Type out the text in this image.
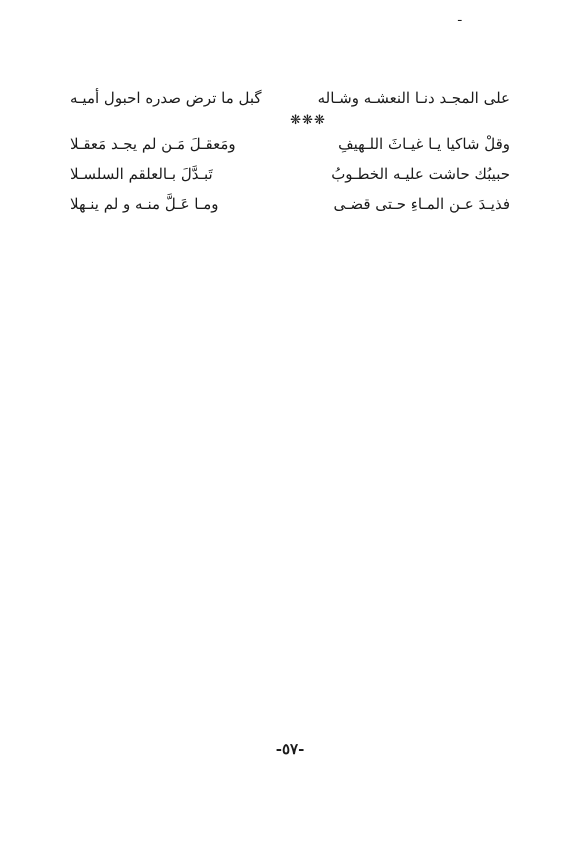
ـ
على المجـد دنـا النعشـه وشـاله
گبل ما ترض صدره احبول أميـه
❋❋❋
وقلْ شاكيا يـا غيـاثَ اللـهيفِ
ومَعقـلَ مَـن لم يجـد مَعقـلا
حبيبُك حاشت عليـه الخطـوبُ
تَبـدَّلَ بـالعلقم السلسـلا
فذيـدَ عـن المـاءِ حـتى قضـى
ومـا عَـلَّ منـه و لم ينـهلا
-٥٧-
